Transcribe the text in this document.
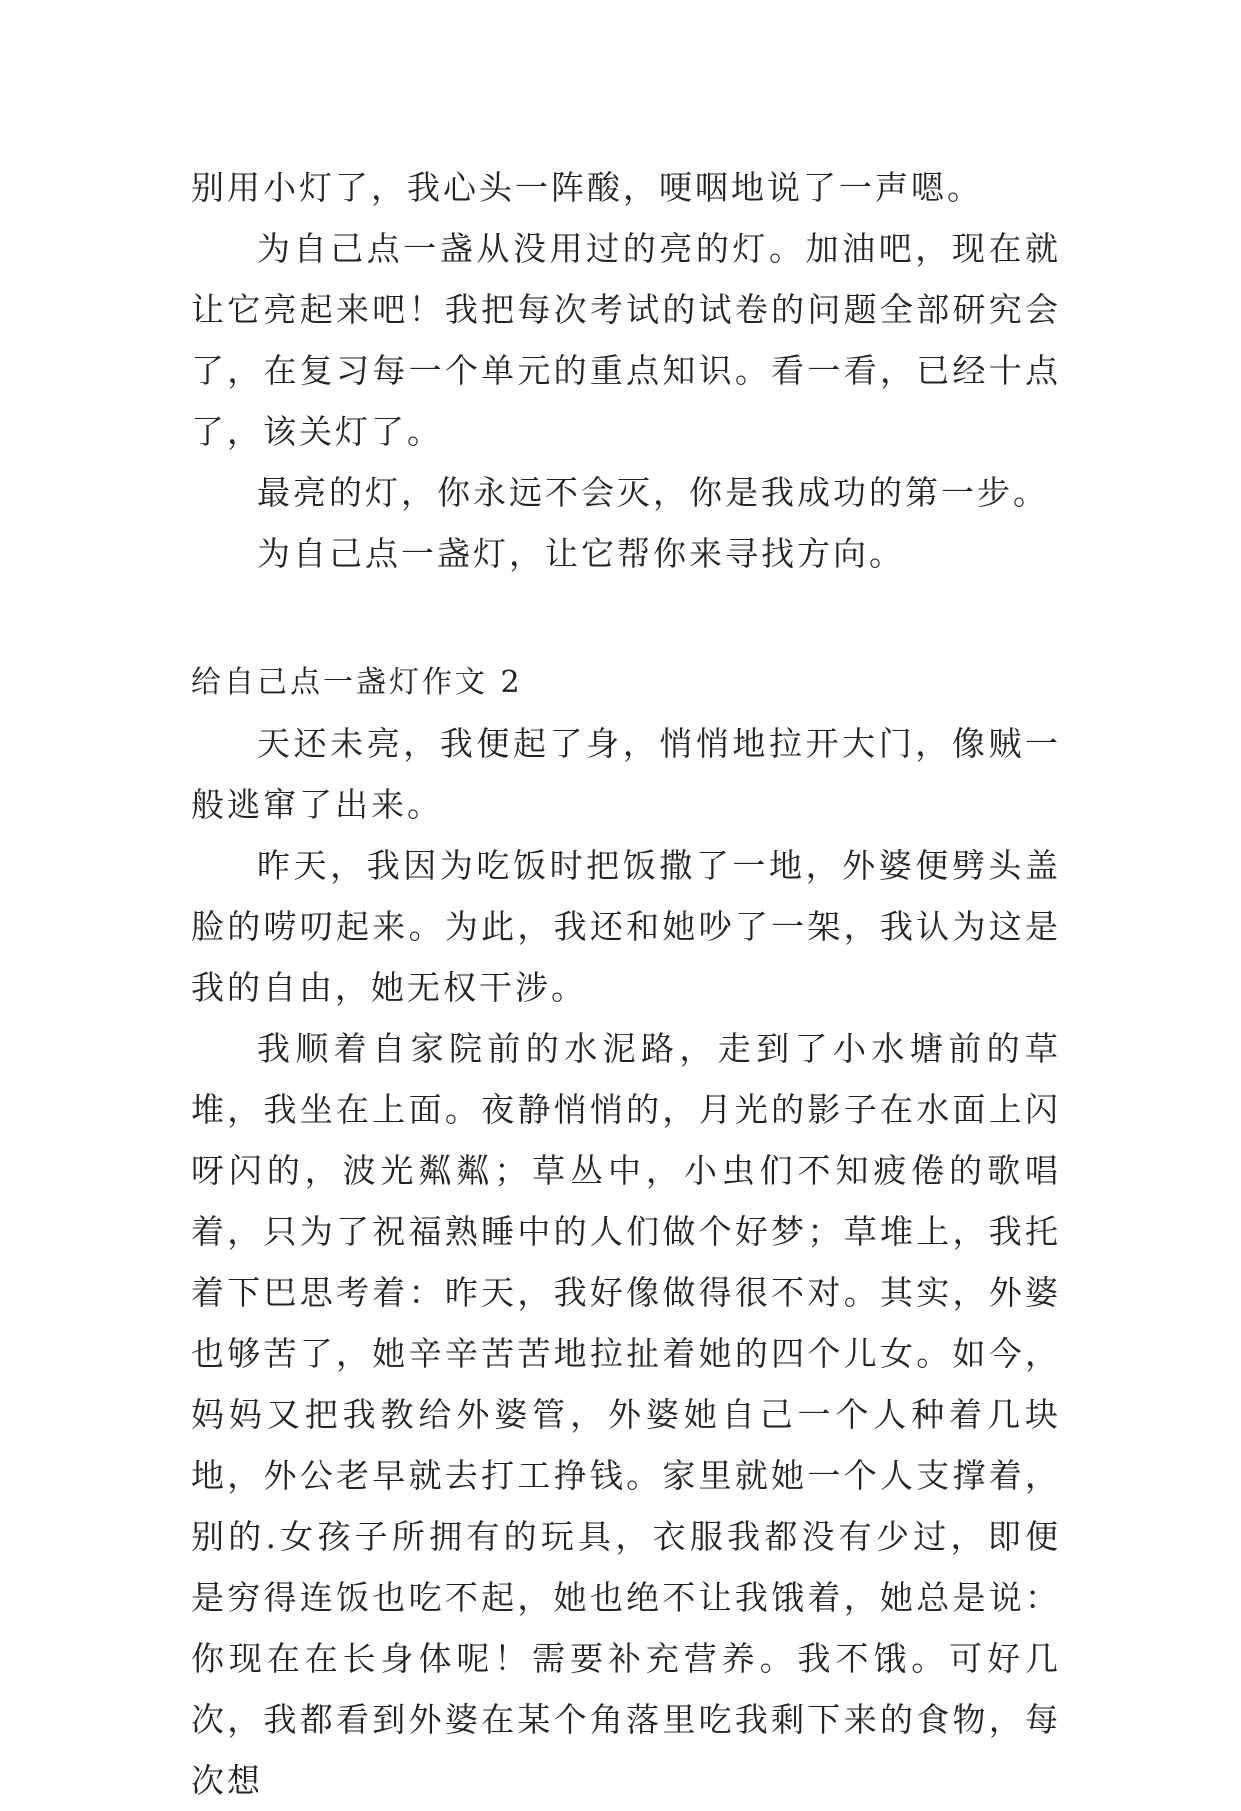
别用小灯了，我心头一阵酸，哽咽地说了一声嗯。

为自己点一盏从没用过的亮的灯。加油吧，现在就让它亮起来吧！我把每次考试的试卷的问题全部研究会了，在复习每一个单元的重点知识。看一看，已经十点了，该关灯了。

最亮的灯，你永远不会灭，你是我成功的第一步。

为自己点一盏灯，让它帮你来寻找方向。

给自己点一盏灯作文 2

天还未亮，我便起了身，悄悄地拉开大门，像贼一般逃窜了出来。

昨天，我因为吃饭时把饭撒了一地，外婆便劈头盖脸的唠叨起来。为此，我还和她吵了一架，我认为这是我的自由，她无权干涉。

我顺着自家院前的水泥路，走到了小水塘前的草堆，我坐在上面。夜静悄悄的，月光的影子在水面上闪呀闪的，波光粼粼；草丛中，小虫们不知疲倦的歌唱着，只为了祝福熟睡中的人们做个好梦；草堆上，我托着下巴思考着：昨天，我好像做得很不对。其实，外婆也够苦了，她辛辛苦苦地拉扯着她的四个儿女。如今，妈妈又把我教给外婆管，外婆她自己一个人种着几块地，外公老早就去打工挣钱。家里就她一个人支撑着，别的.女孩子所拥有的玩具，衣服我都没有少过，即便是穷得连饭也吃不起，她也绝不让我饿着，她总是说：你现在在长身体呢！需要补充营养。我不饿。可好几次，我都看到外婆在某个角落里吃我剩下来的食物，每次想
